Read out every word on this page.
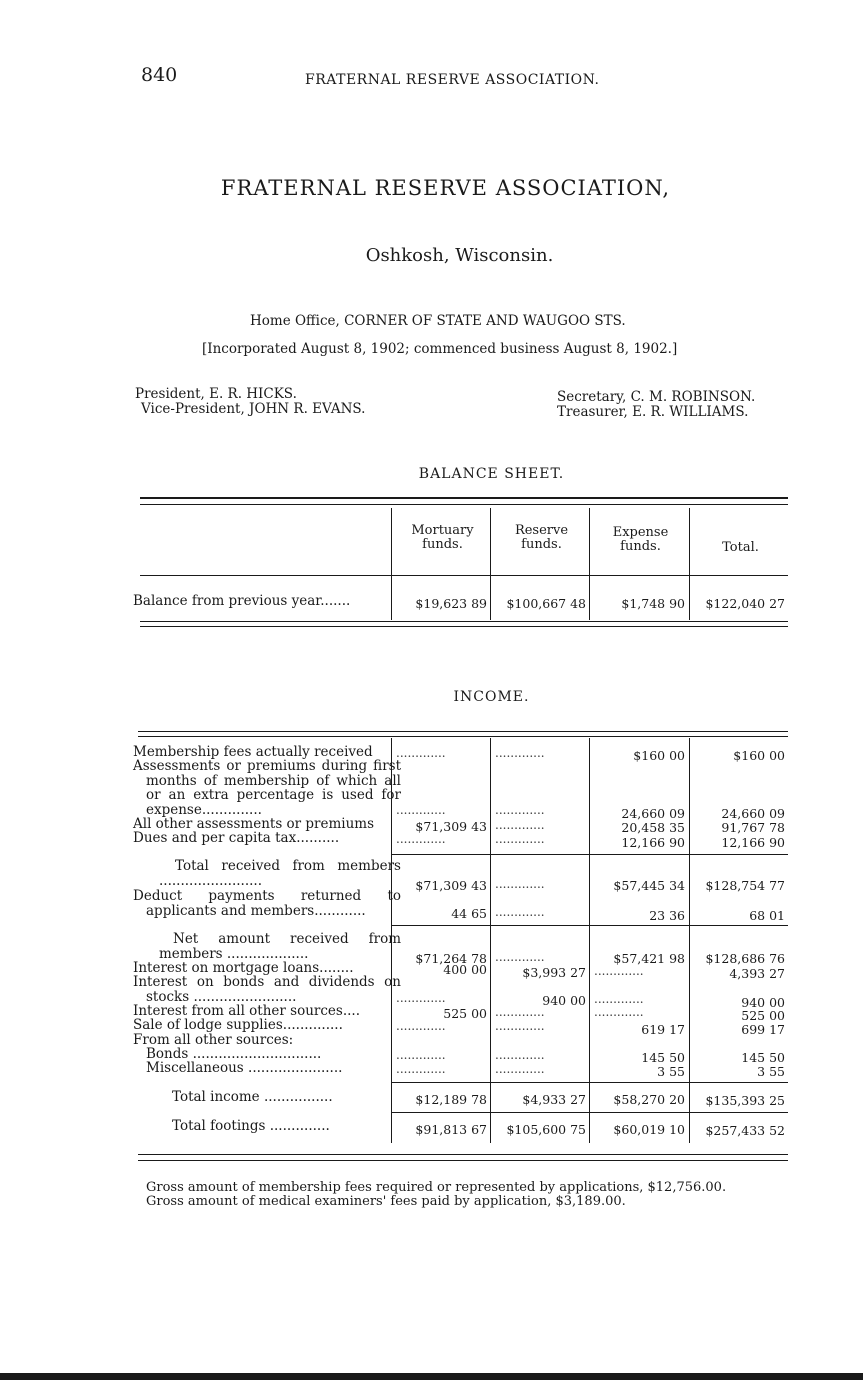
840	FRATERNAL RESERVE ASSOCIATION.
FRATERNAL RESERVE ASSOCIATION,
Oshkosh, Wisconsin.
Home Office, CORNER OF STATE AND WAUGOO STS.
[Incorporated August 8, 1902; commenced business August 8, 1902.]
President, E. R. HICKS.
Vice-President, JOHN R. EVANS.
Secretary, C. M. ROBINSON.
Treasurer, E. R. WILLIAMS.
BALANCE SHEET.
Mortuary funds.
Reserve funds.
Expense funds.	Total.
Balance from previous year.......	$19,623 89	$100,667 48	$1,748 90	$122,040 27
INCOME.
Membership fees actually received .............	.............	$160 00	$160 00
Assessments or premiums during first months of membership of which all or an extra percentage is used for expense..............	.............	.............	24,660 09	24,660 09
All other assessments or premiums	$71,309 43 .............	20,458 35	91,767 78
Dues and per capita tax..........	.............	.............	12,166 90	12,166 90
Total received from members ........................	$71,309 43 .............	$57,445 34	$128,754 77
Deduct payments returned to applicants and members............	44 65 .............	23 36	68 01
Net amount received from members ...................	$71,264 78 .............	$57,421 98	$128,686 76
Interest on mortgage loans........	400 00	$3,993 27 .............	4,393 27
Interest on bonds and dividends on stocks ........................	.............	940 00 .............	940 00
Interest from all other sources....	525 00 .............	.............	525 00
Sale of lodge supplies..............	.............	.............	619 17	699 17
From all other sources:
Bonds ..............................	.............	.............	145 50	145 50
Miscellaneous ......................	.............	.............	3 55	3 55
Total income ................	$12,189 78	$4,933 27	$58,270 20	$135,393 25
Total footings ..............	$91,813 67	$105,600 75	$60,019 10	$257,433 52
Gross amount of membership fees required or represented by applications, $12,756.00.
Gross amount of medical examiners' fees paid by application, $3,189.00.
